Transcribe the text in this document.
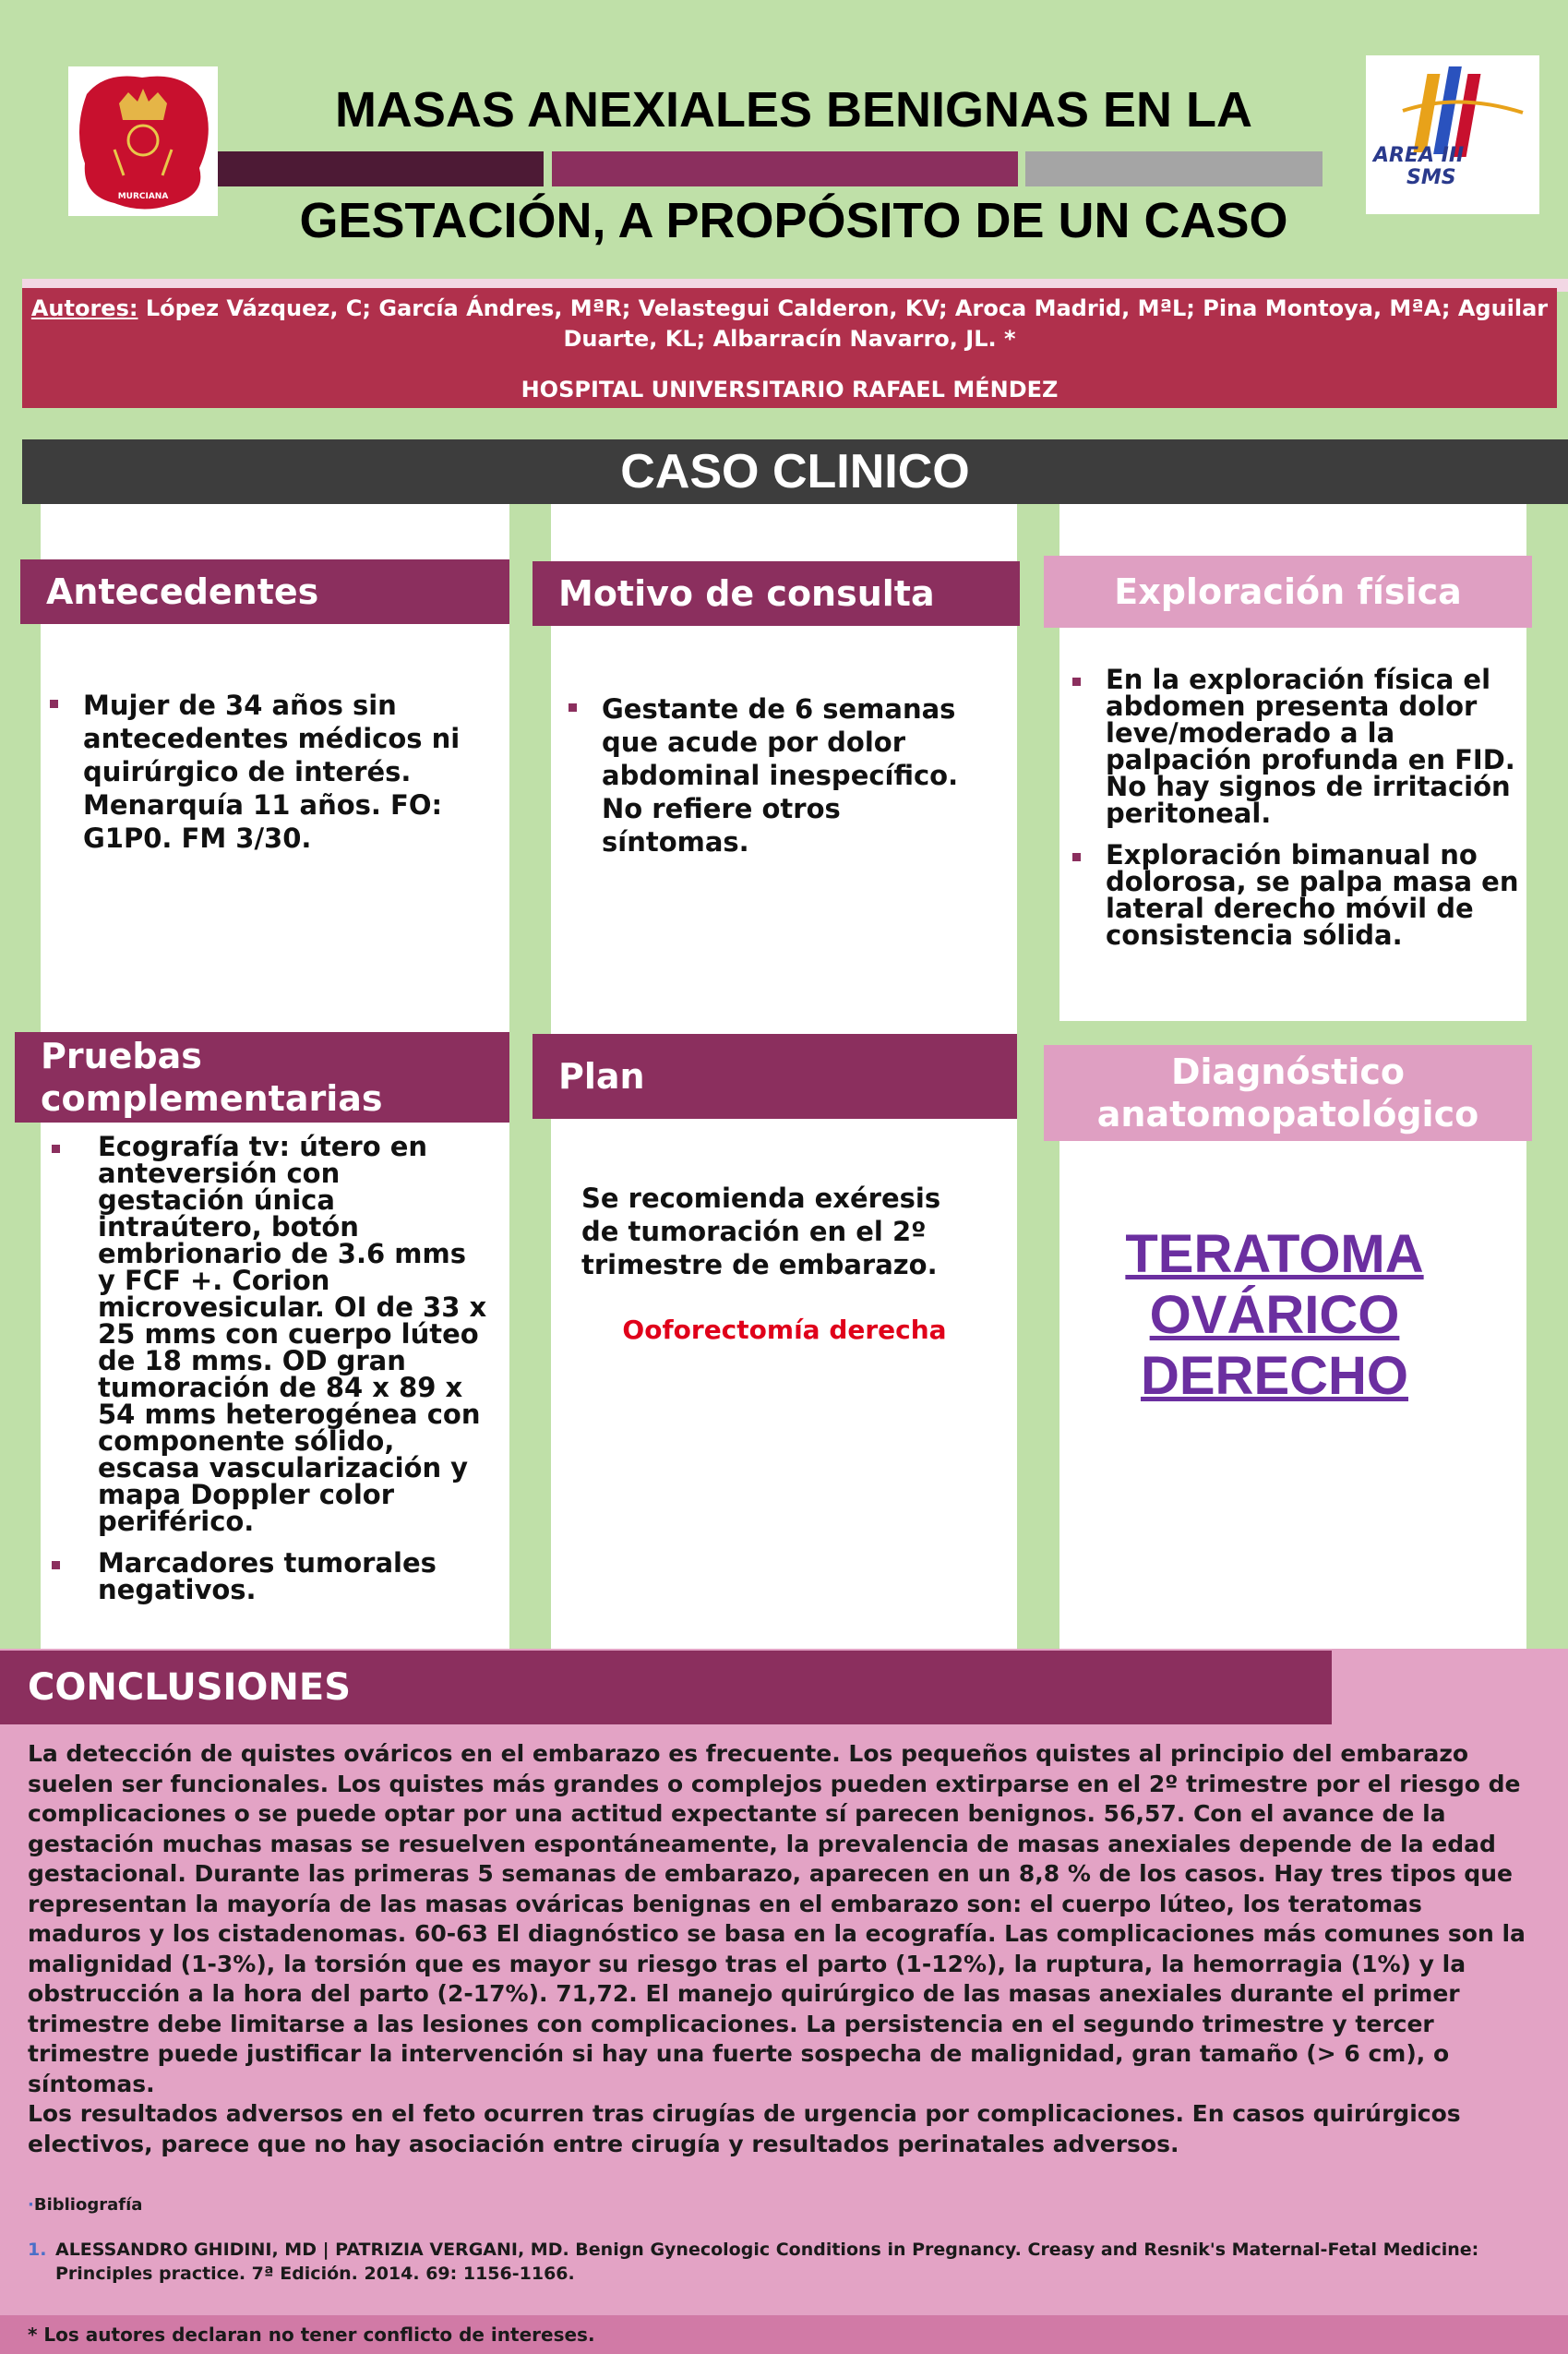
MURCIANA
AREA III
SMS
MASAS ANEXIALES BENIGNAS EN LA
GESTACIÓN, A PROPÓSITO DE UN CASO
Autores: López Vázquez, C; García Ándres, MªR; Velastegui Calderon, KV; Aroca Madrid, MªL; Pina Montoya, MªA; Aguilar Duarte, KL; Albarracín Navarro, JL. *
HOSPITAL UNIVERSITARIO RAFAEL MÉNDEZ
CASO CLINICO
Antecedentes
Mujer de 34 años sin antecedentes médicos ni quirúrgico de interés. Menarquía 11 años. FO: G1P0. FM 3/30.
Motivo de consulta
Gestante de 6 semanas que acude por dolor abdominal inespecífico. No refiere otros síntomas.
Exploración física
En la exploración física el abdomen presenta dolor leve/moderado a la palpación profunda en FID. No hay signos de irritación peritoneal.
Exploración bimanual no dolorosa, se palpa masa en lateral derecho móvil de consistencia sólida.
Pruebas complementarias
Ecografía tv: útero en anteversión con gestación única intraútero, botón embrionario de 3.6 mms y FCF +. Corion microvesicular. OI de 33 x 25 mms con cuerpo lúteo de 18 mms. OD gran tumoración de 84 x 89 x 54 mms heterogénea con componente sólido, escasa vascularización y mapa Doppler color periférico.
Marcadores tumorales negativos.
Plan
Se recomienda exéresis de tumoración en el 2º trimestre de embarazo.
Ooforectomía derecha
Diagnóstico anatomopatológico
TERATOMA
OVÁRICO
DERECHO
CONCLUSIONES
La detección de quistes ováricos en el embarazo es frecuente. Los pequeños quistes al principio del embarazo suelen ser funcionales. Los quistes más grandes o complejos pueden extirparse en el 2º trimestre por el riesgo de complicaciones o se puede optar por una actitud expectante sí parecen benignos. 56,57. Con el avance de la gestación muchas masas se resuelven espontáneamente, la prevalencia de masas anexiales depende de la edad gestacional. Durante las primeras 5 semanas de embarazo, aparecen en un 8,8 % de los casos. Hay tres tipos que representan la mayoría de las masas ováricas benignas en el embarazo son: el cuerpo lúteo, los teratomas maduros y los cistadenomas. 60-63 El diagnóstico se basa en la ecografía. Las complicaciones más comunes son la malignidad (1-3%), la torsión que es mayor su riesgo tras el parto (1-12%), la ruptura, la hemorragia (1%) y la obstrucción a la hora del parto (2-17%). 71,72. El manejo quirúrgico de las masas anexiales durante el primer trimestre debe limitarse a las lesiones con complicaciones. La persistencia en el segundo trimestre y tercer trimestre puede justificar la intervención si hay una fuerte sospecha de malignidad, gran tamaño (> 6 cm), o síntomas.
Los resultados adversos en el feto ocurren tras cirugías de urgencia por complicaciones. En casos quirúrgicos electivos, parece que no hay asociación entre cirugía y resultados perinatales adversos.
·Bibliografía
1. ALESSANDRO GHIDINI, MD | PATRIZIA VERGANI, MD. Benign Gynecologic Conditions in Pregnancy. Creasy and Resnik's Maternal-Fetal Medicine: Principles practice. 7ª Edición. 2014. 69: 1156-1166.
* Los autores declaran no tener conflicto de intereses.
